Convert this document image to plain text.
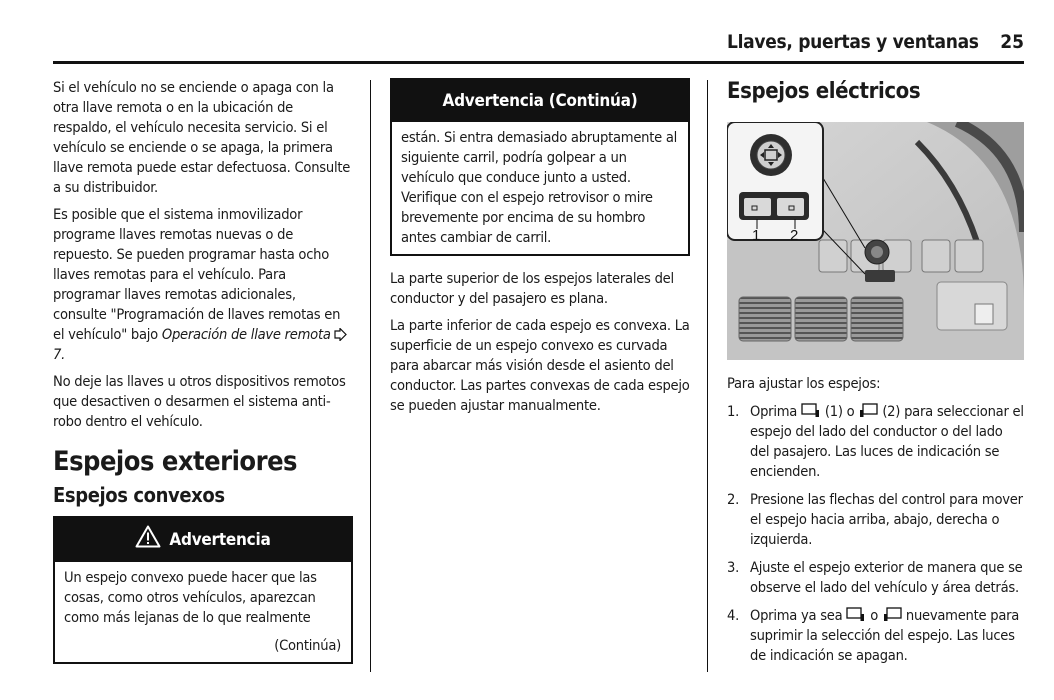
Llaves, puertas y ventanas 25

Si el vehículo no se enciende o apaga con la otra llave remota o en la ubicación de respaldo, el vehículo necesita servicio. Si el vehículo se enciende o se apaga, la primera llave remota puede estar defectuosa. Consulte a su distribuidor.

Es posible que el sistema inmovilizador programe llaves remotas nuevas o de repuesto. Se pueden programar hasta ocho llaves remotas para el vehículo. Para programar llaves remotas adicionales, consulte "Programación de llaves remotas en el vehículo" bajo Operación de llave remota 7.

No deje las llaves u otros dispositivos remotos que desactiven o desarmen el sistema anti-robo dentro el vehículo.

Espejos exteriores
Espejos convexos
Advertencia
Un espejo convexo puede hacer que las cosas, como otros vehículos, aparezcan como más lejanas de lo que realmente
(Continúa)
Advertencia (Continúa)
están. Si entra demasiado abruptamente al siguiente carril, podría golpear a un vehículo que conduce junto a usted. Verifique con el espejo retrovisor o mire brevemente por encima de su hombro antes cambiar de carril.

La parte superior de los espejos laterales del conductor y del pasajero es plana.

La parte inferior de cada espejo es convexa. La superficie de un espejo convexo es curvada para abarcar más visión desde el asiento del conductor. Las partes convexas de cada espejo se pueden ajustar manualmente.

Espejos eléctricos
1 2

Para ajustar los espejos:

1. Oprima (1) o (2) para seleccionar el espejo del lado del conductor o del lado del pasajero. Las luces de indicación se encienden.
2. Presione las flechas del control para mover el espejo hacia arriba, abajo, derecha o izquierda.
3. Ajuste el espejo exterior de manera que se observe el lado del vehículo y área detrás.
4. Oprima ya sea o nuevamente para suprimir la selección del espejo. Las luces de indicación se apagan.
